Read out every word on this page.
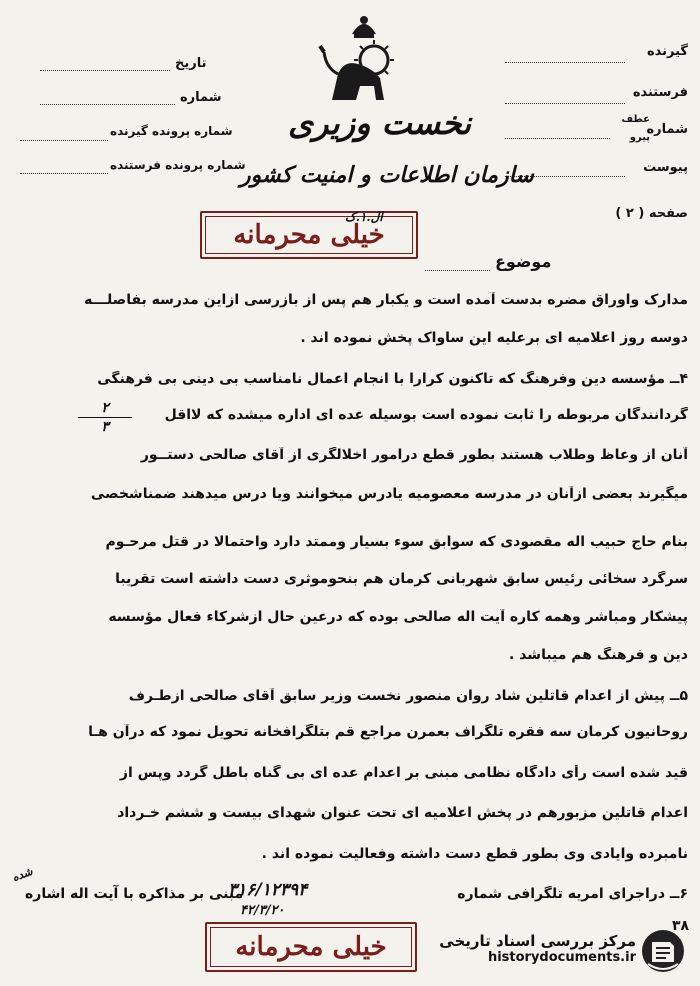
گیرنده
فرستنده
شماره
عطف
پیرو
پیوست
صفحه ( ۲ )
تاریخ
شماره
شماره پرونده گیرنده
شماره پرونده فرستنده
نخست وزیری
سازمان اطلاعات و امنیت کشور
خیلی محرمانه
ال.۱.ک
موضوع
مدارک واوراق مضره بدست آمده است و یکبار هم پس از بازرسی ازاین مدرسه بفاصلـــه
دوسه روز اعلامیه ای برعلیه این ساواک پخش نموده اند .
۴ــ مؤسسه دین وفرهنگ که تاکنون کرارا با انجام اعمال نامناسب بی دینی بی فرهنگی
گردانندگان مربوطه را ثابت نموده است بوسیله عده ای اداره میشده که لااقل
۲
۳
آنان از وعاظ وطلاب هستند بطور قطع درامور اخلالگری از آقای صالحی دستــور
میگیرند بعضی ازآنان در مدرسه معصومیه یادرس میخوانند ویا درس میدهند ضمناشخصی
بنام حاج حبیب اله مقصودی که سوابق سوء بسیار وممتد دارد واحتمالا در قتل مرحـوم
سرگرد سخائی رئیس سابق شهربانی کرمان هم بنحوموثری دست داشته است تقریبا
پیشکار ومباشر وهمه کاره آیت اله صالحی بوده که درعین حال ازشرکاء فعال مؤسسه
دین و فرهنگ هم میباشد .
۵ــ پیش از اعدام قاتلین شاد روان منصور نخست وزیر سابق آقای صالحی ازطـرف
روحانیون کرمان سه فقره تلگراف بعمرن مراجع قم بتلگرافخانه تحویل نمود که درآن هـا
قید شده است رأی دادگاه نظامی مبنی بر اعدام عده ای بی گناه باطل گردد وپس از
اعدام قاتلین مزبورهم در پخش اعلامیه ای تحت عنوان شهدای بیست و ششم خـرداد
نامبرده وایادی وی بطور قطع دست داشته وفعالیت نموده اند .
۶ــ دراجرای امریه تلگرافی شماره
۳۱۶/۱۲۳۹۴
۴۲/۳/۲۰
مبنی بر مذاکره با آیت اله اشاره
شده
خیلی محرمانه	مرکز بررسی اسناد تاریخی
historydocuments.ir
۳۸
